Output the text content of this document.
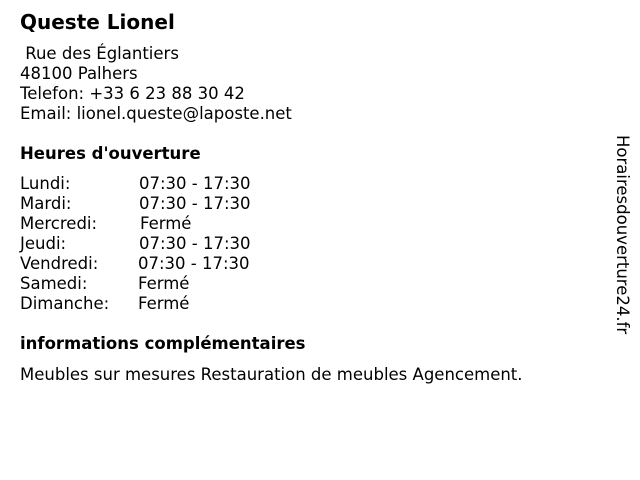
Queste Lionel
Rue des Églantiers
48100 Palhers
Telefon: +33 6 23 88 30 42
Email: lionel.queste@laposte.net
Heures d'ouverture
Lundi:	07:30 - 17:30
Mardi:	07:30 - 17:30
Mercredi:	Fermé
Jeudi:	07:30 - 17:30
Vendredi: 07:30 - 17:30
Samedi:	Fermé
Dimanche: Fermé
informations complémentaires
Meubles sur mesures Restauration de meubles Agencement.
Horairesdouverture24.fr
